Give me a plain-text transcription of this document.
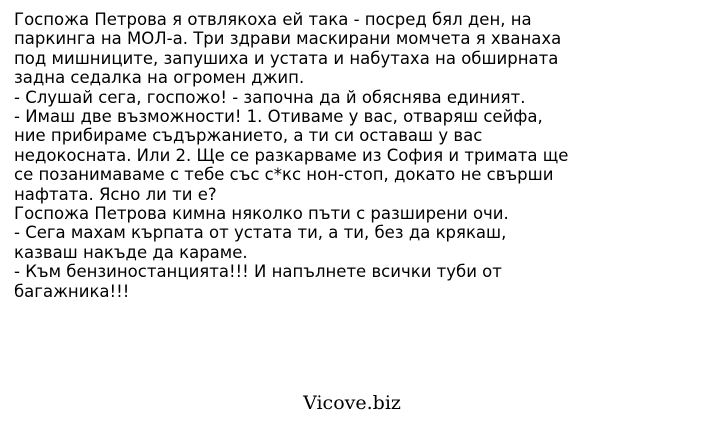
Госпожа Петрова я отвлякоха ей така - посред бял ден, на
паркинга на МОЛ-а. Три здрави маскирани момчета я хванаха
под мишниците, запушиха и устата и набутаха на обширната
задна седалка на огромен джип.
- Слушай сега, госпожо! - започна да й обяснява единият.
- Имаш две възможности! 1. Отиваме у вас, отваряш сейфа,
ние прибираме съдържанието, а ти си оставаш у вас
недокосната. Или 2. Ще се разкарваме из София и тримата ще
се позанимаваме с тебе със с*кс нон-стоп, докато не свърши
нафтата. Ясно ли ти е?
Госпожа Петрова кимна няколко пъти с разширени очи.
- Сега махам кърпата от устата ти, а ти, без да крякаш,
казваш накъде да караме.
- Към бензиностанцията!!! И напълнете всички туби от
багажника!!!
Vicove.biz
